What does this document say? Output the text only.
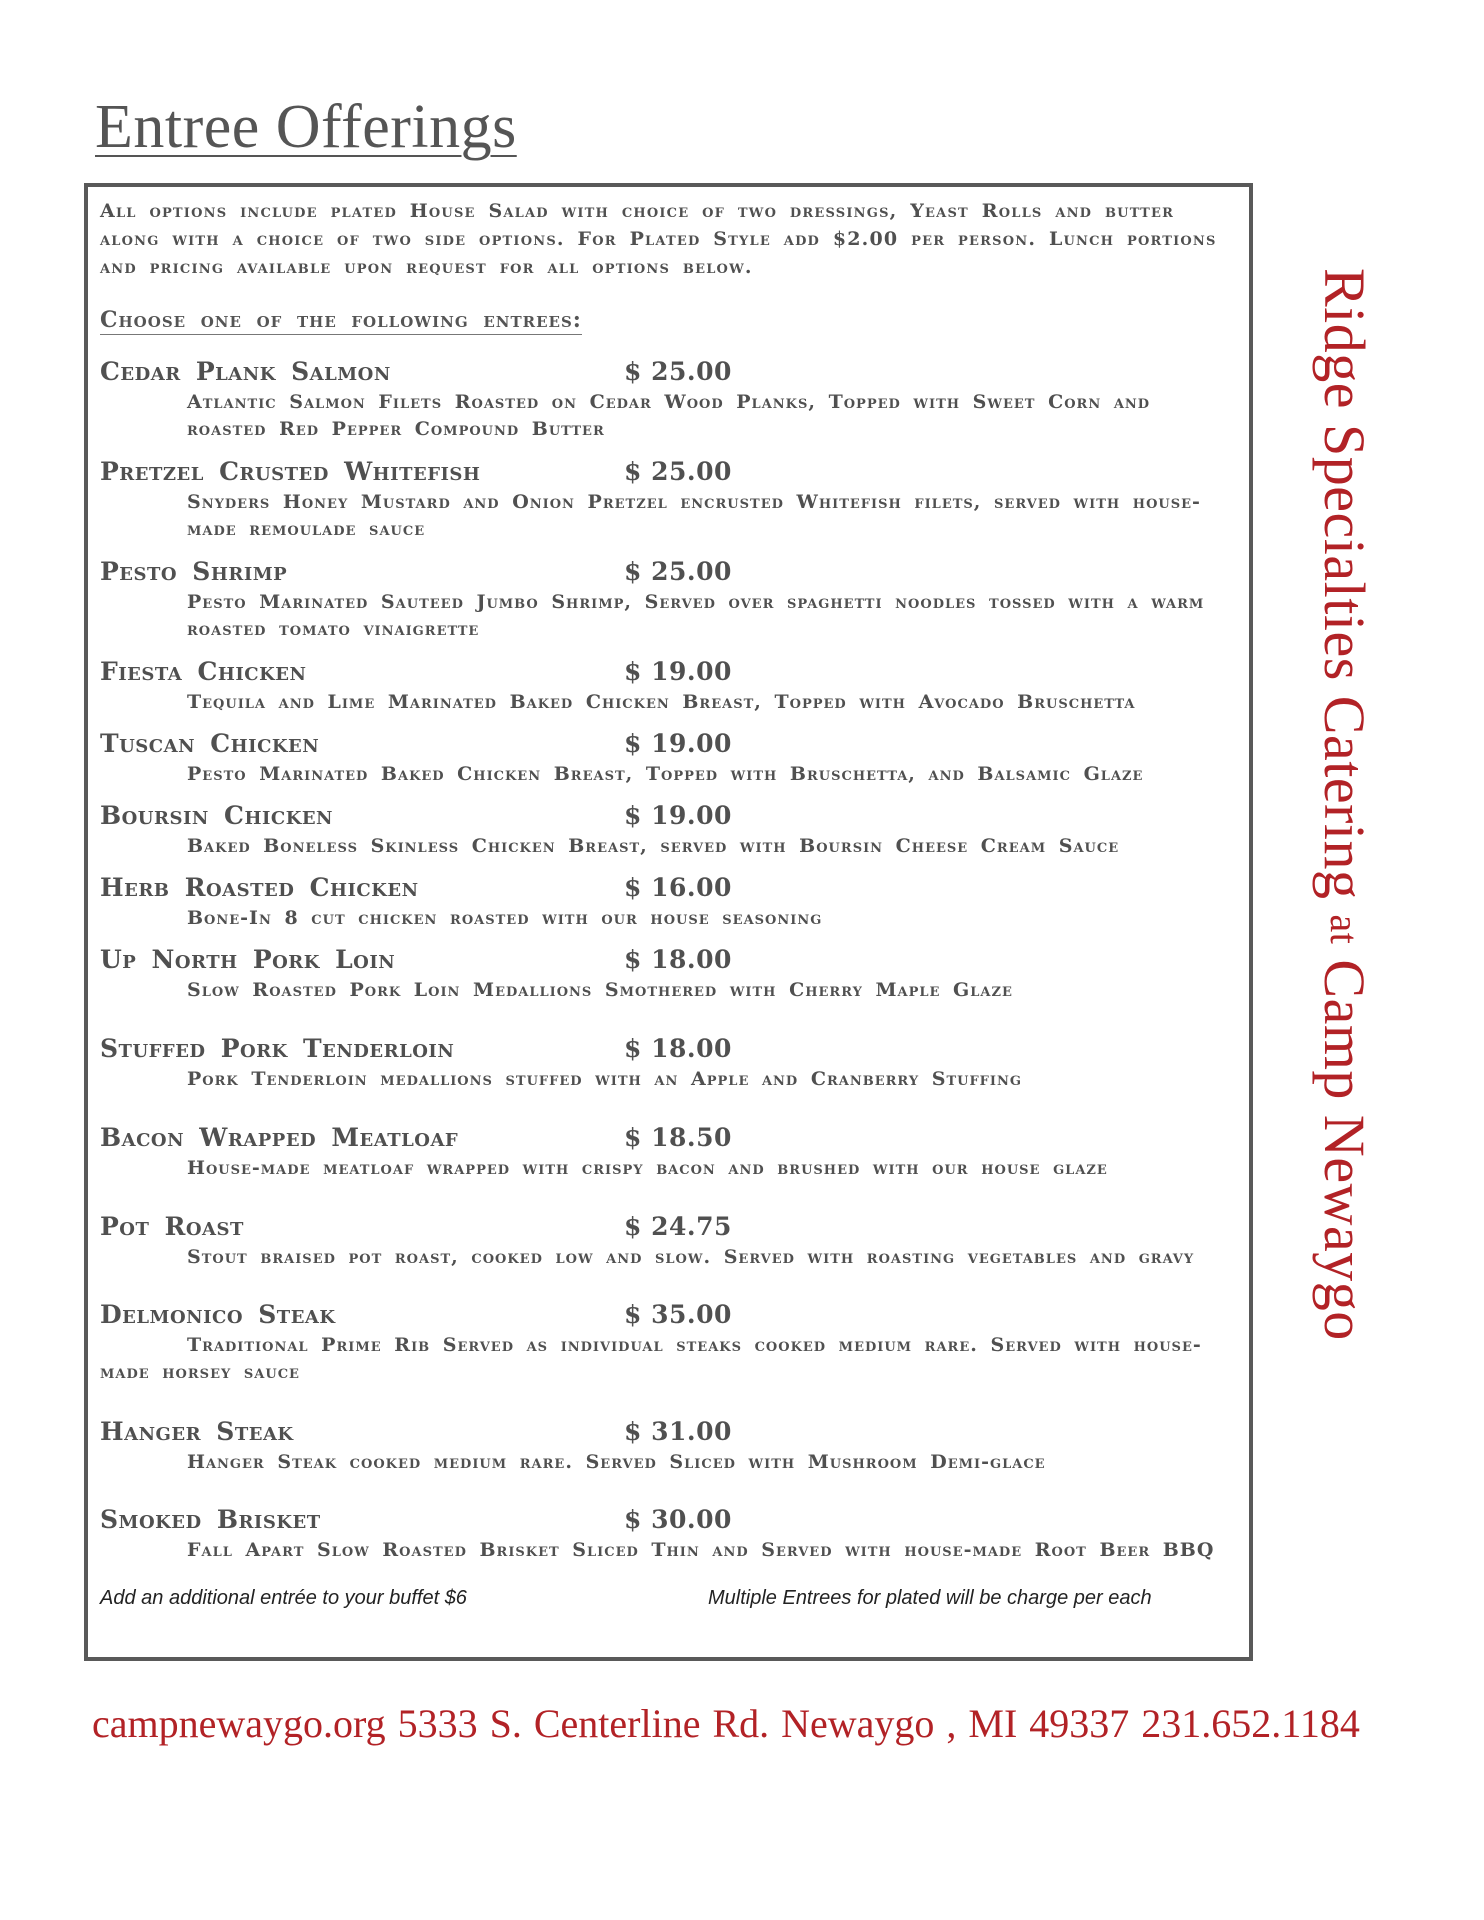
Entree Offerings
All options include plated House Salad with choice of two dressings, Yeast Rolls and butter along with a choice of two side options. For Plated Style add $2.00 per person. Lunch portions and pricing available upon request for all options below.
Choose one of the following entrees:
Cedar Plank Salmon	$ 25.00
Atlantic Salmon Filets Roasted on Cedar Wood Planks, Topped with Sweet Corn and roasted Red Pepper Compound Butter
Pretzel Crusted Whitefish	$ 25.00
Snyders Honey Mustard and Onion Pretzel encrusted Whitefish filets, served with house-made remoulade sauce
Pesto Shrimp	$ 25.00
Pesto Marinated Sauteed Jumbo Shrimp, Served over spaghetti noodles tossed with a warm roasted tomato vinaigrette
Fiesta Chicken	$ 19.00
Tequila and Lime Marinated Baked Chicken Breast, Topped with Avocado Bruschetta
Tuscan Chicken	$ 19.00
Pesto Marinated Baked Chicken Breast, Topped with Bruschetta, and Balsamic Glaze
Boursin Chicken	$ 19.00
Baked Boneless Skinless Chicken Breast, served with Boursin Cheese Cream Sauce
Herb Roasted Chicken	$ 16.00
Bone-In 8 cut chicken roasted with our house seasoning
Up North Pork Loin	$ 18.00
Slow Roasted Pork Loin Medallions Smothered with Cherry Maple Glaze
Stuffed Pork Tenderloin	$ 18.00
Pork Tenderloin medallions stuffed with an Apple and Cranberry Stuffing
Bacon Wrapped Meatloaf	$ 18.50
House-made meatloaf wrapped with crispy bacon and brushed with our house glaze
Pot Roast	$ 24.75
Stout braised pot roast, cooked low and slow. Served with roasting vegetables and gravy
Delmonico Steak	$ 35.00
Traditional Prime Rib Served as individual steaks cooked medium rare. Served with house-made horsey sauce
Hanger Steak	$ 31.00
Hanger Steak cooked medium rare. Served Sliced with Mushroom Demi-glace
Smoked Brisket	$ 30.00
Fall Apart Slow Roasted Brisket Sliced Thin and Served with house-made Root Beer BBQ
Add an additional entrée to your buffet $6	Multiple Entrees for plated will be charge per each
Ridge Specialties Catering at Camp Newaygo
campnewaygo.org 5333 S. Centerline Rd. Newaygo , MI 49337 231.652.1184
